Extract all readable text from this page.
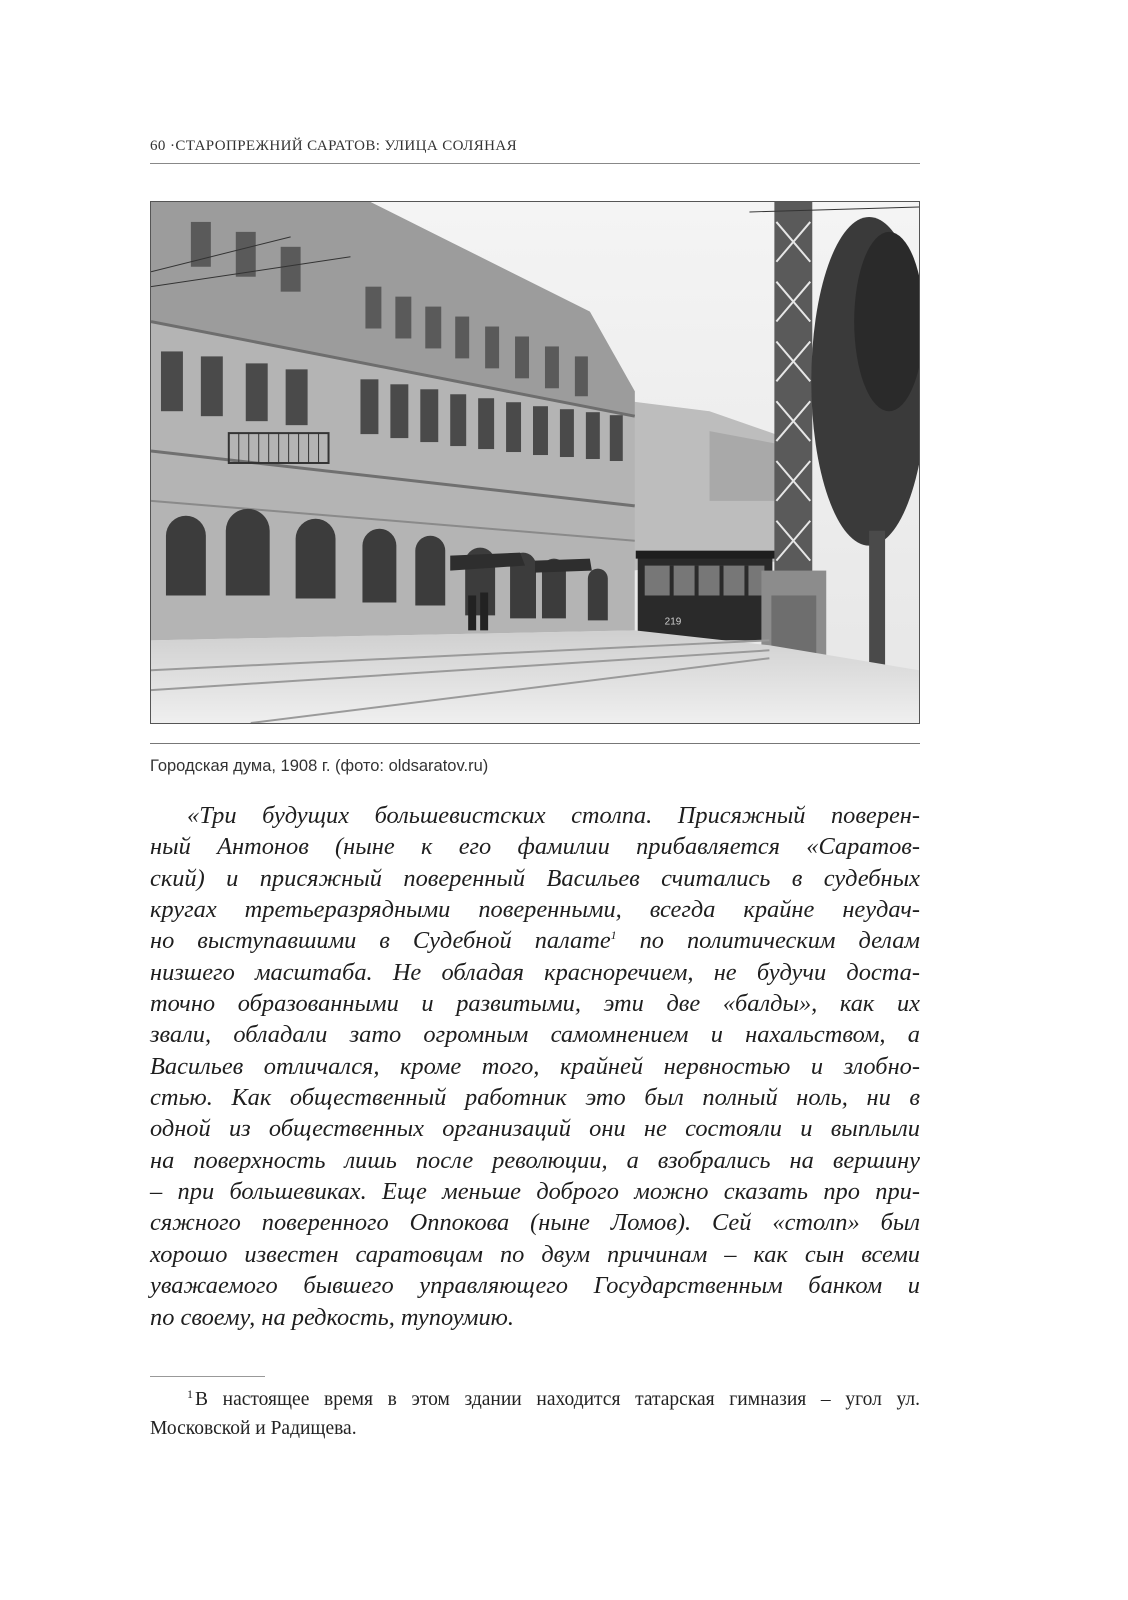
60 ·СТАРОПРЕЖНИЙ САРАТОВ: УЛИЦА СОЛЯНАЯ
219
Городская дума, 1908 г. (фото: oldsaratov.ru)
«Три будущих большевистских столпа. Присяжный поверен-
ный Антонов (ныне к его фамилии прибавляется «Саратов-
ский) и присяжный поверенный Васильев считались в судебных
кругах третьеразрядными поверенными, всегда крайне неудач-
но выступавшими в Судебной палате$^1$ по политическим делам
низшего масштаба. Не обладая красноречием, не будучи доста-
точно образованными и развитыми, эти две «балды», как их
звали, обладали зато огромным самомнением и нахальством, а
Васильев отличался, кроме того, крайней нервностью и злобно-
стью. Как общественный работник это был полный ноль, ни в
одной из общественных организаций они не состояли и выплыли
на поверхность лишь после революции, а взобрались на вершину
– при большевиках. Еще меньше доброго можно сказать про при-
сяжного поверенного Оппокова (ныне Ломов). Сей «столп» был
хорошо известен саратовцам по двум причинам – как сын всеми
уважаемого бывшего управляющего Государственным банком и
по своему, на редкость, тупоумию.
$^1$ В настоящее время в этом здании находится татарская гимназия – угол ул.
Московской и Радищева.
